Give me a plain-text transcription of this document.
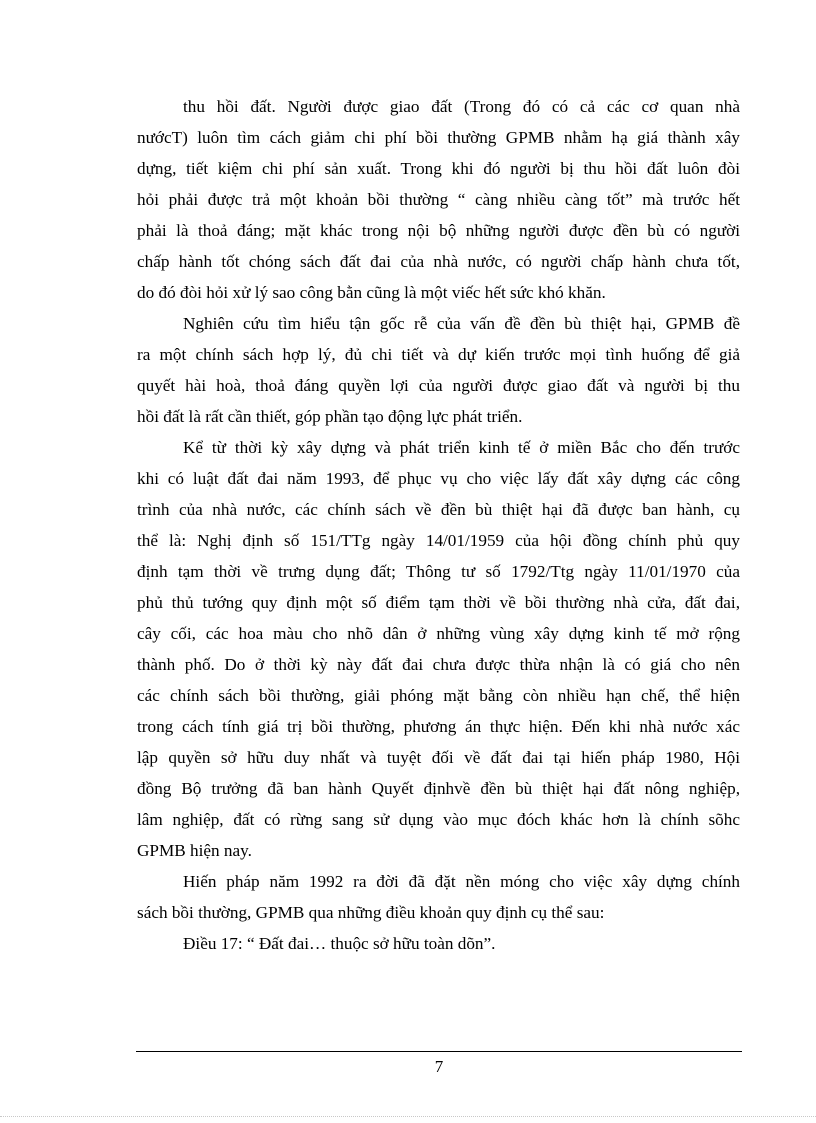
thu hồi đất. Người được giao đất (Trong đó có cả các cơ quan nhà
nướcT) luôn tìm cách giảm chi phí bồi thường GPMB nhằm hạ giá thành xây
dựng, tiết kiệm chi phí sản xuất. Trong khi đó người bị thu hồi đất luôn đòi
hỏi phải được trả một khoản bồi thường “ càng nhiều càng tốt” mà trước hết
phải là thoả đáng; mặt khác trong nội bộ những người được đền bù có người
chấp hành tốt chóng sách đất đai của nhà nước, có người chấp hành chưa tốt,
do đó đòi hỏi xử lý sao công bằn cũng là một viếc hết sức khó khăn.
Nghiên cứu tìm hiểu tận gốc rễ của vấn đề đền bù thiệt hại, GPMB đề
ra một chính sách hợp lý, đủ chi tiết và dự kiến trước mọi tình huống để giả
quyết hài hoà, thoả đáng quyền lợi của người được giao đất và người bị thu
hồi đất là rất cần thiết, góp phần tạo động lực phát triển.
Kể từ thời kỳ xây dựng và phát triển kinh tế ở miền Bắc cho đến trước
khi có luật đất đai năm 1993, để phục vụ cho việc lấy đất xây dựng các công
trình của nhà nước, các chính sách về đền bù thiệt hại đã được ban hành, cụ
thể là: Nghị định số 151/TTg ngày 14/01/1959 của hội đồng chính phủ quy
định tạm thời về trưng dụng đất; Thông tư số 1792/Ttg ngày 11/01/1970 của
phủ thủ tướng quy định một số điểm tạm thời về bồi thường nhà cửa, đất đai,
cây cối, các hoa màu cho nhõ dân ở những vùng xây dựng kinh tế mở rộng
thành phố. Do ở thời kỳ này đất đai chưa được thừa nhận là có giá cho nên
các chính sách bồi thường, giải phóng mặt bằng còn nhiều hạn chế, thể hiện
trong cách tính giá trị bồi thường, phương án thực hiện. Đến khi nhà nước xác
lập quyền sở hữu duy nhất và tuyệt đối về đất đai tại hiến pháp 1980, Hội
đồng Bộ trưởng đã ban hành Quyết địnhvề đền bù thiệt hại đất nông nghiệp,
lâm nghiệp, đất có rừng sang sử dụng vào mục đóch khác hơn là chính sõhc
GPMB hiện nay.
Hiến pháp năm 1992 ra đời đã đặt nền móng cho việc xây dựng chính
sách bồi thường, GPMB qua những điều khoản quy định cụ thể sau:
Điều 17: “ Đất đai… thuộc sở hữu toàn dõn”.
7
